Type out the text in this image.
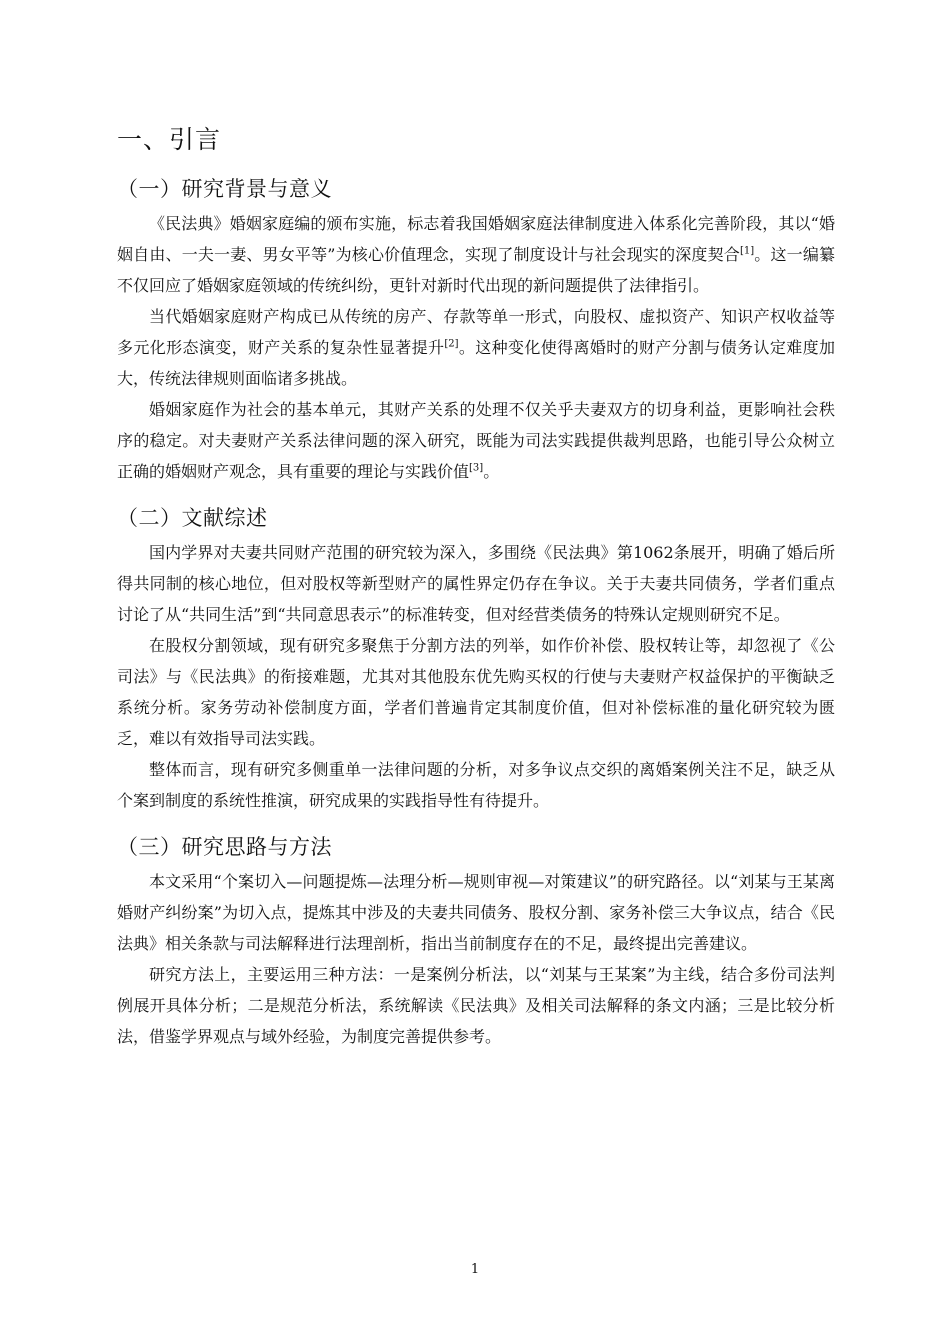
一、引言
（一）研究背景与意义

《民法典》婚姻家庭编的颁布实施，标志着我国婚姻家庭法律制度进入体系化完善阶段，其以“婚姻自由、一夫一妻、男女平等”为核心价值理念，实现了制度设计与社会现实的深度契合[1]。这一编纂不仅回应了婚姻家庭领域的传统纠纷，更针对新时代出现的新问题提供了法律指引。

当代婚姻家庭财产构成已从传统的房产、存款等单一形式，向股权、虚拟资产、知识产权收益等多元化形态演变，财产关系的复杂性显著提升[2]。这种变化使得离婚时的财产分割与债务认定难度加大，传统法律规则面临诸多挑战。

婚姻家庭作为社会的基本单元，其财产关系的处理不仅关乎夫妻双方的切身利益，更影响社会秩序的稳定。对夫妻财产关系法律问题的深入研究，既能为司法实践提供裁判思路，也能引导公众树立正确的婚姻财产观念，具有重要的理论与实践价值[3]。

（二）文献综述

国内学界对夫妻共同财产范围的研究较为深入，多围绕《民法典》第1062条展开，明确了婚后所得共同制的核心地位，但对股权等新型财产的属性界定仍存在争议。关于夫妻共同债务，学者们重点讨论了从“共同生活”到“共同意思表示”的标准转变，但对经营类债务的特殊认定规则研究不足。

在股权分割领域，现有研究多聚焦于分割方法的列举，如作价补偿、股权转让等，却忽视了《公司法》与《民法典》的衔接难题，尤其对其他股东优先购买权的行使与夫妻财产权益保护的平衡缺乏系统分析。家务劳动补偿制度方面，学者们普遍肯定其制度价值，但对补偿标准的量化研究较为匮乏，难以有效指导司法实践。

整体而言，现有研究多侧重单一法律问题的分析，对多争议点交织的离婚案例关注不足，缺乏从个案到制度的系统性推演，研究成果的实践指导性有待提升。

（三）研究思路与方法

本文采用“个案切入—问题提炼—法理分析—规则审视—对策建议”的研究路径。以“刘某与王某离婚财产纠纷案”为切入点，提炼其中涉及的夫妻共同债务、股权分割、家务补偿三大争议点，结合《民法典》相关条款与司法解释进行法理剖析，指出当前制度存在的不足，最终提出完善建议。

研究方法上，主要运用三种方法：一是案例分析法，以“刘某与王某案”为主线，结合多份司法判例展开具体分析；二是规范分析法，系统解读《民法典》及相关司法解释的条文内涵；三是比较分析法，借鉴学界观点与域外经验，为制度完善提供参考。

1
